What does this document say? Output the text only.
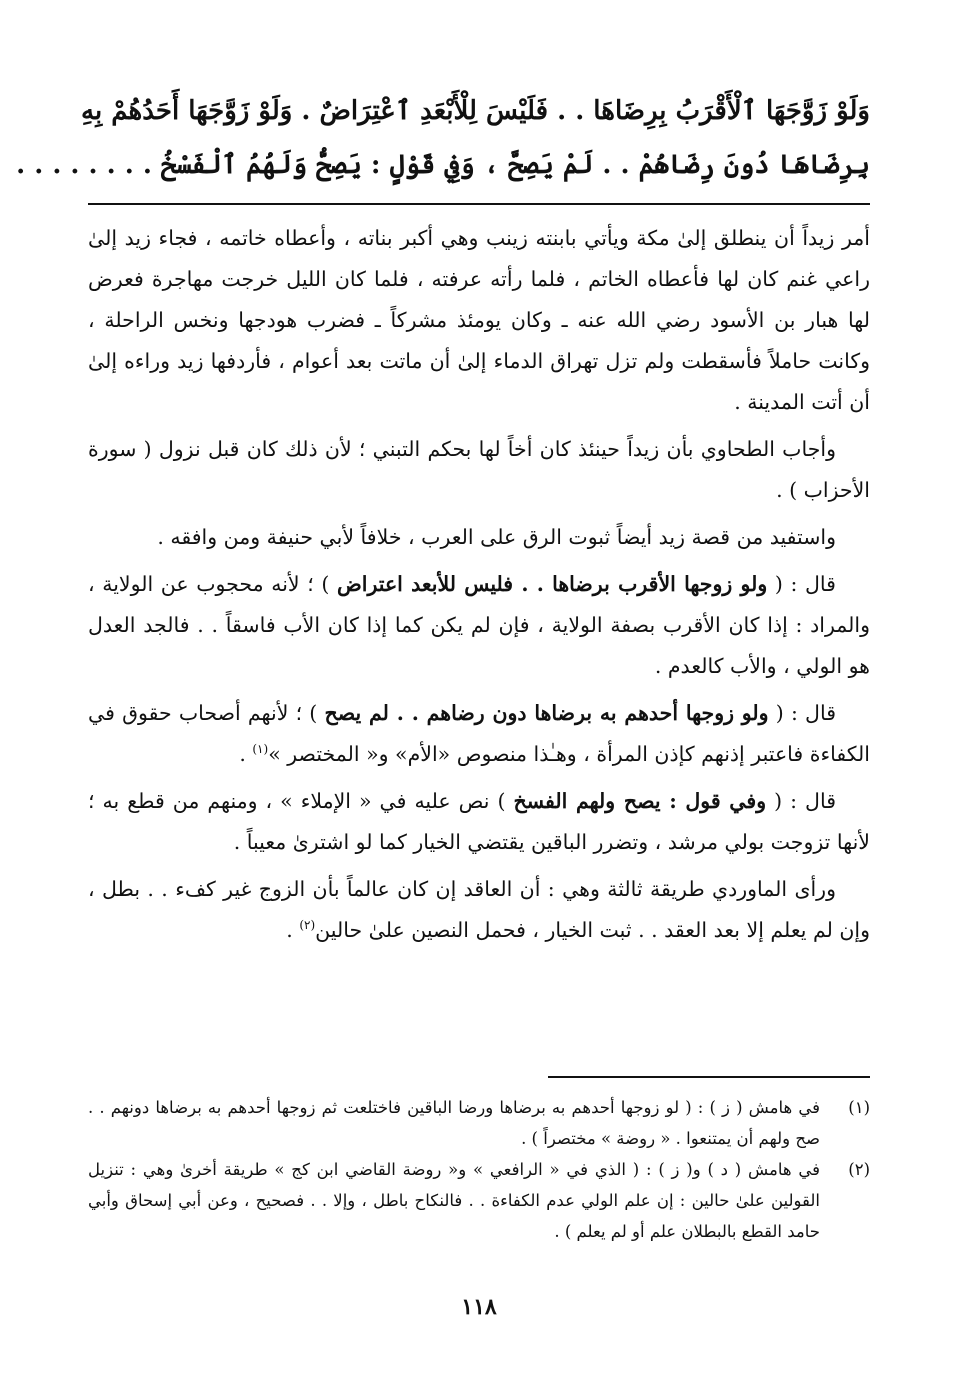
وَلَوْ زَوَّجَهَا ٱلْأَقْرَبُ بِرِضَاهَا . . فَلَيْسَ لِلْأَبْعَدِ ٱعْتِرَاضٌ . وَلَوْ زَوَّجَهَا أَحَدُهُمْ بِهِ

بِرِضَاهَا دُونَ رِضَاهُمْ . . لَمْ يَصِحَّ ، وَفِي قَوْلٍ : يَصِحُّ وَلَهُمُ ٱلْفَسْخُ . . . . . . . .

أمر زيداً أن ينطلق إلىٰ مكة ويأتي بابنته زينب وهي أكبر بناته ، وأعطاه خاتمه ، فجاء زيد إلىٰ راعي غنم كان لها فأعطاه الخاتم ، فلما رأته عرفته ، فلما كان الليل خرجت مهاجرة فعرض لها هبار بن الأسود رضي الله عنه ـ وكان يومئذ مشركاً ـ فضرب هودجها ونخس الراحلة ، وكانت حاملاً فأسقطت ولم تزل تهراق الدماء إلىٰ أن ماتت بعد أعوام ، فأردفها زيد وراءه إلىٰ أن أتت المدينة .

وأجاب الطحاوي بأن زيداً حينئذ كان أخاً لها بحكم التبني ؛ لأن ذلك كان قبل نزول ( سورة الأحزاب ) .

واستفيد من قصة زيد أيضاً ثبوت الرق على العرب ، خلافاً لأبي حنيفة ومن وافقه .

قال : ( ولو زوجها الأقرب برضاها . . فليس للأبعد اعتراض ) ؛ لأنه محجوب عن الولاية ، والمراد : إذا كان الأقرب بصفة الولاية ، فإن لم يكن كما إذا كان الأب فاسقاً . . فالجد العدل هو الولي ، والأب كالعدم .

قال : ( ولو زوجها أحدهم به برضاها دون رضاهم . . لم يصح ) ؛ لأنهم أصحاب حقوق في الكفاءة فاعتبر إذنهم كإذن المرأة ، وهـٰذا منصوص «الأم» و« المختصر »$^{(١)}$ .

قال : ( وفي قول : يصح ولهم الفسخ ) نص عليه في « الإملاء » ، ومنهم من قطع به ؛ لأنها تزوجت بولي مرشد ، وتضرر الباقين يقتضي الخيار كما لو اشترىٰ معيباً .

ورأى الماوردي طريقة ثالثة وهي : أن العاقد إن كان عالماً بأن الزوج غير كفء . . بطل ، وإن لم يعلم إلا بعد العقد . . ثبت الخيار ، فحمل النصين علىٰ حالين$^{(٢)}$ .

(١)
في هامش ( ز ) : ( لو زوجها أحدهم به برضاها ورضا الباقين فاختلعت ثم زوجها أحدهم به برضاها دونهم . . صح ولهم أن يمتنعوا . « روضة » مختصراً ) .
(٢)
في هامش ( د ) و( ز ) : ( الذي في « الرافعي » و« روضة القاضي ابن كج » طريقة أخرىٰ وهي : تنزيل القولين علىٰ حالين : إن علم الولي عدم الكفاءة . . فالنكاح باطل ، وإلا . . فصحيح ، وعن أبي إسحاق وأبي حامد القطع بالبطلان علم أو لم يعلم ) .
١١٨
